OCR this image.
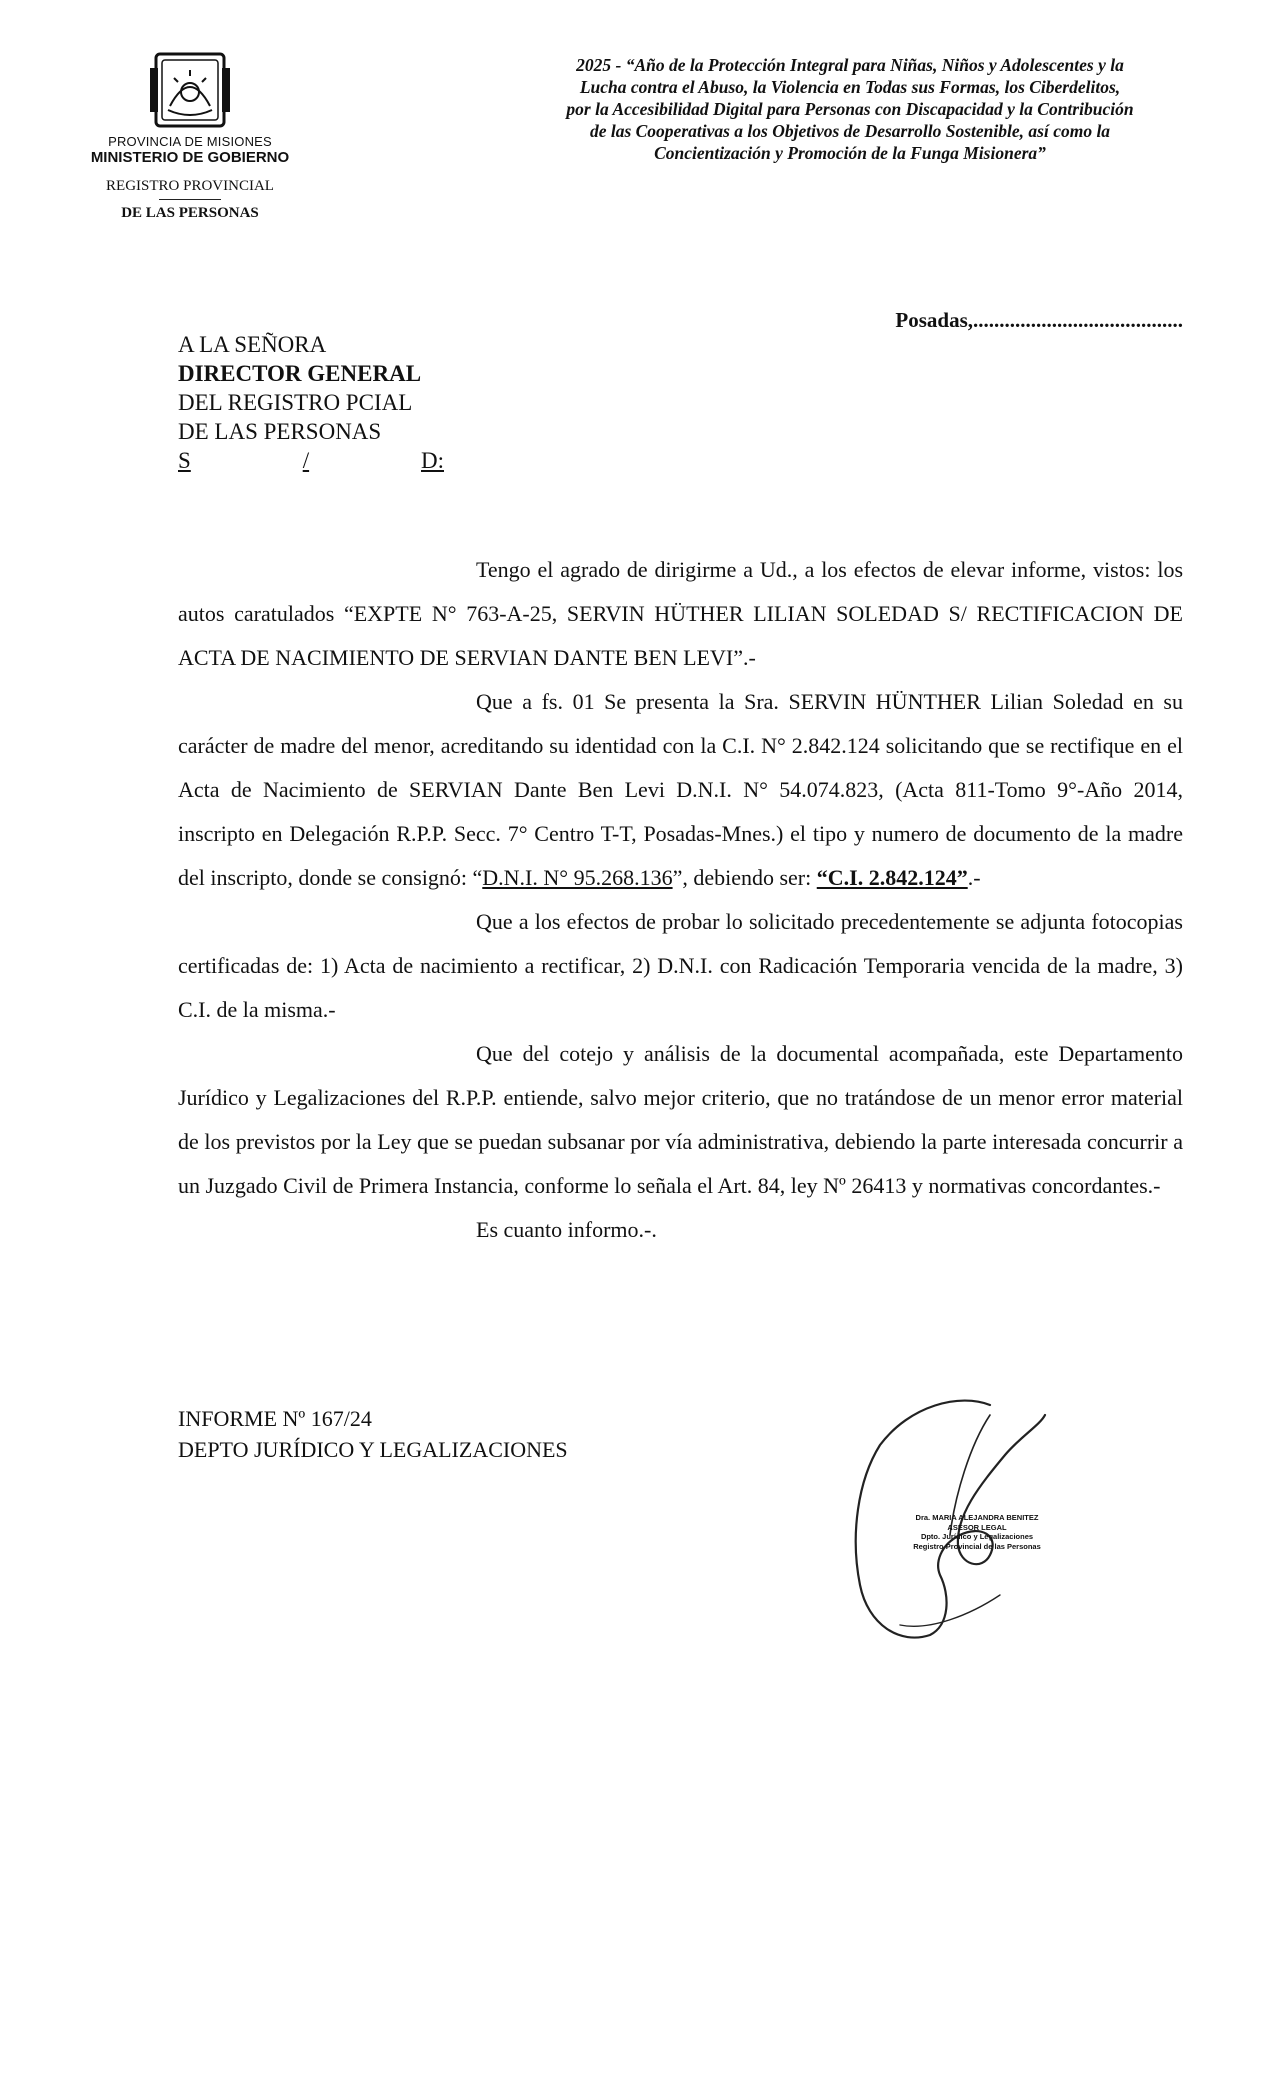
PROVINCIA DE MISIONES
MINISTERIO DE GOBIERNO
REGISTRO PROVINCIAL
DE LAS PERSONAS

2025 - “Año de la Protección Integral para Niñas, Niños y Adolescentes y la

Lucha contra el Abuso, la Violencia en Todas sus Formas, los Ciberdelitos,

por la Accesibilidad Digital para Personas con Discapacidad y la Contribución

de las Cooperativas a los Objetivos de Desarrollo Sostenible, así como la

Concientización y Promoción de la Funga Misionera”

Posadas,........................................
A LA SEÑORA
DIRECTOR GENERAL
DEL REGISTRO PCIAL
DE LAS PERSONAS
S	/	D:

Tengo el agrado de dirigirme a Ud., a los efectos de elevar informe, vistos: los autos caratulados “EXPTE N° 763-A-25, SERVIN HÜTHER LILIAN SOLEDAD S/ RECTIFICACION DE ACTA DE NACIMIENTO DE SERVIAN DANTE BEN LEVI”.-

Que a fs. 01 Se presenta la Sra. SERVIN HÜNTHER Lilian Soledad en su carácter de madre del menor, acreditando su identidad con la C.I. N° 2.842.124 solicitando que se rectifique en el Acta de Nacimiento de SERVIAN Dante Ben Levi D.N.I. N° 54.074.823, (Acta 811-Tomo 9°-Año 2014, inscripto en Delegación R.P.P. Secc. 7° Centro T-T, Posadas-Mnes.) el tipo y numero de documento de la madre del inscripto, donde se consignó: “D.N.I. N° 95.268.136”, debiendo ser: “C.I. 2.842.124”.-

Que a los efectos de probar lo solicitado precedentemente se adjunta fotocopias certificadas de: 1) Acta de nacimiento a rectificar, 2) D.N.I. con Radicación Temporaria vencida de la madre, 3) C.I. de la misma.-

Que del cotejo y análisis de la documental acompañada, este Departamento Jurídico y Legalizaciones del R.P.P. entiende, salvo mejor criterio, que no tratándose de un menor error material de los previstos por la Ley que se puedan subsanar por vía administrativa, debiendo la parte interesada concurrir a un Juzgado Civil de Primera Instancia, conforme lo señala el Art. 84, ley Nº 26413 y normativas concordantes.-

Es cuanto informo.-.

INFORME Nº 167/24
DEPTO JURÍDICO Y LEGALIZACIONES
Dra. MARIA ALEJANDRA BENITEZ
ASESOR LEGAL
Dpto. Jurídico y Legalizaciones
Registro Provincial de las Personas
